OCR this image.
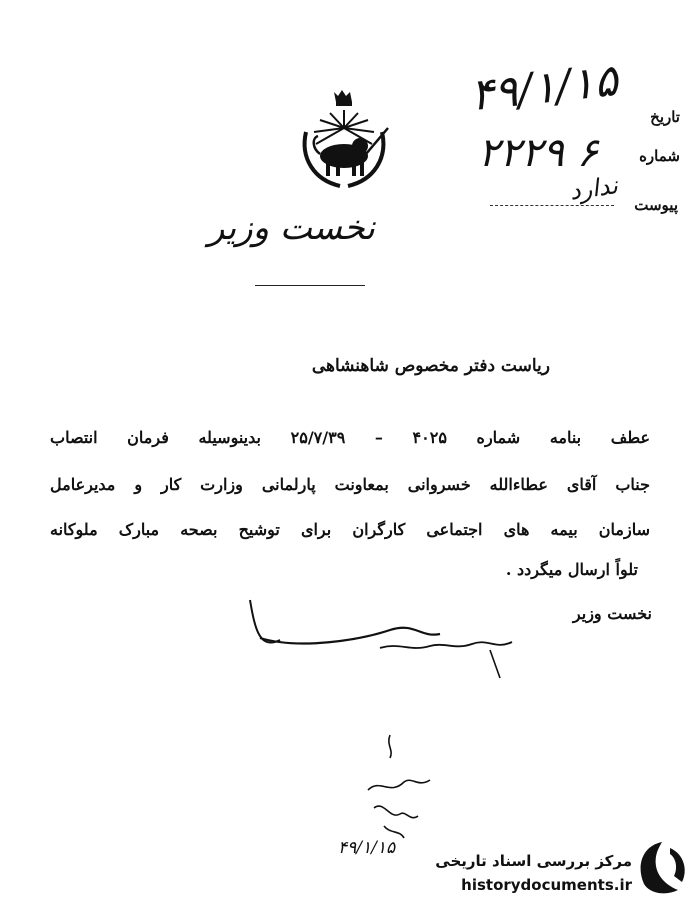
نخست وزیر
تاریخ
شماره
پیوست
۴۹/۱/۱۵
۲۲۲۹ ۶
ندارد
ریاست دفتر مخصوص شاهنشاهی
عطف بنامه شماره ۴۰۲۵ – ۲۵/۷/۳۹ بدینوسیله فرمان انتصاب
جناب آقای عطاءالله خسروانی بمعاونت پارلمانی وزارت کار و مدیرعامل
سازمان بیمه های اجتماعی کارگران برای توشیح بصحه مبارک ملوکانه
تلواً ارسال میگردد .
نخست وزیر
۴۹/۱/۱۵
مرکز بررسی اسناد تاریخی
historydocuments.ir
